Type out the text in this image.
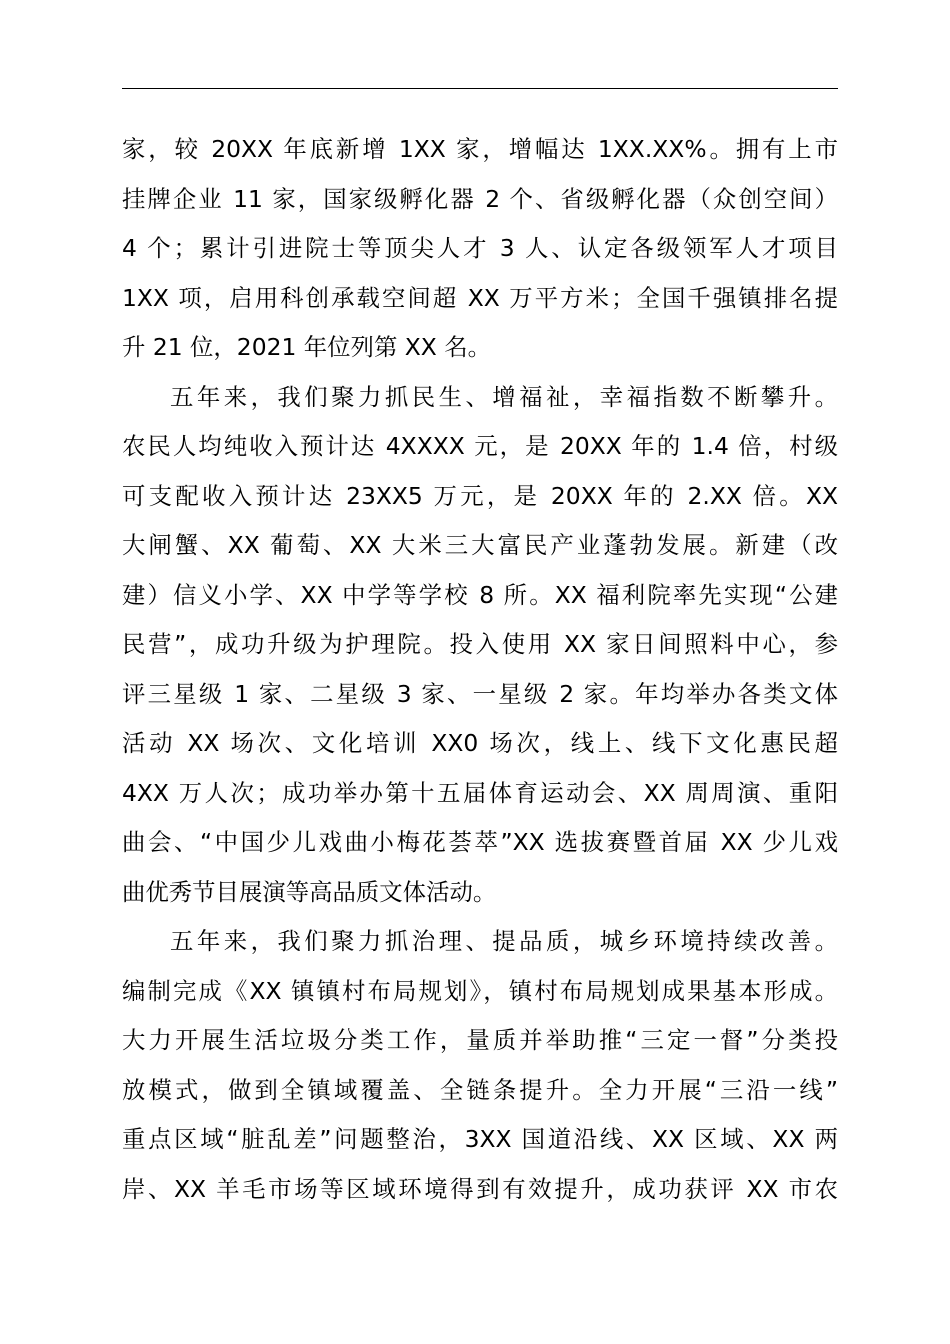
家，较 20XX 年底新增 1XX 家，增幅达 1XX.XX%。拥有上市
挂牌企业 11 家，国家级孵化器 2 个、省级孵化器（众创空间）
4 个；累计引进院士等顶尖人才 3 人、认定各级领军人才项目
1XX 项，启用科创承载空间超 XX 万平方米；全国千强镇排名提
升 21 位，2021 年位列第 XX 名。
五年来，我们聚力抓民生、增福祉，幸福指数不断攀升。
农民人均纯收入预计达 4XXXX 元，是 20XX 年的 1.4 倍，村级
可支配收入预计达 23XX5 万元，是 20XX 年的 2.XX 倍。XX
大闸蟹、XX 葡萄、XX 大米三大富民产业蓬勃发展。新建（改
建）信义小学、XX 中学等学校 8 所。XX 福利院率先实现“公建
民营”，成功升级为护理院。投入使用 XX 家日间照料中心，参
评三星级 1 家、二星级 3 家、一星级 2 家。年均举办各类文体
活动 XX 场次、文化培训 XX0 场次，线上、线下文化惠民超
4XX 万人次；成功举办第十五届体育运动会、XX 周周演、重阳
曲会、“中国少儿戏曲小梅花荟萃”XX 选拔赛暨首届 XX 少儿戏
曲优秀节目展演等高品质文体活动。
五年来，我们聚力抓治理、提品质，城乡环境持续改善。
编制完成《XX 镇镇村布局规划》，镇村布局规划成果基本形成。
大力开展生活垃圾分类工作，量质并举助推“三定一督”分类投
放模式，做到全镇域覆盖、全链条提升。全力开展“三沿一线”
重点区域“脏乱差”问题整治，3XX 国道沿线、XX 区域、XX 两
岸、XX 羊毛市场等区域环境得到有效提升，成功获评 XX 市农
